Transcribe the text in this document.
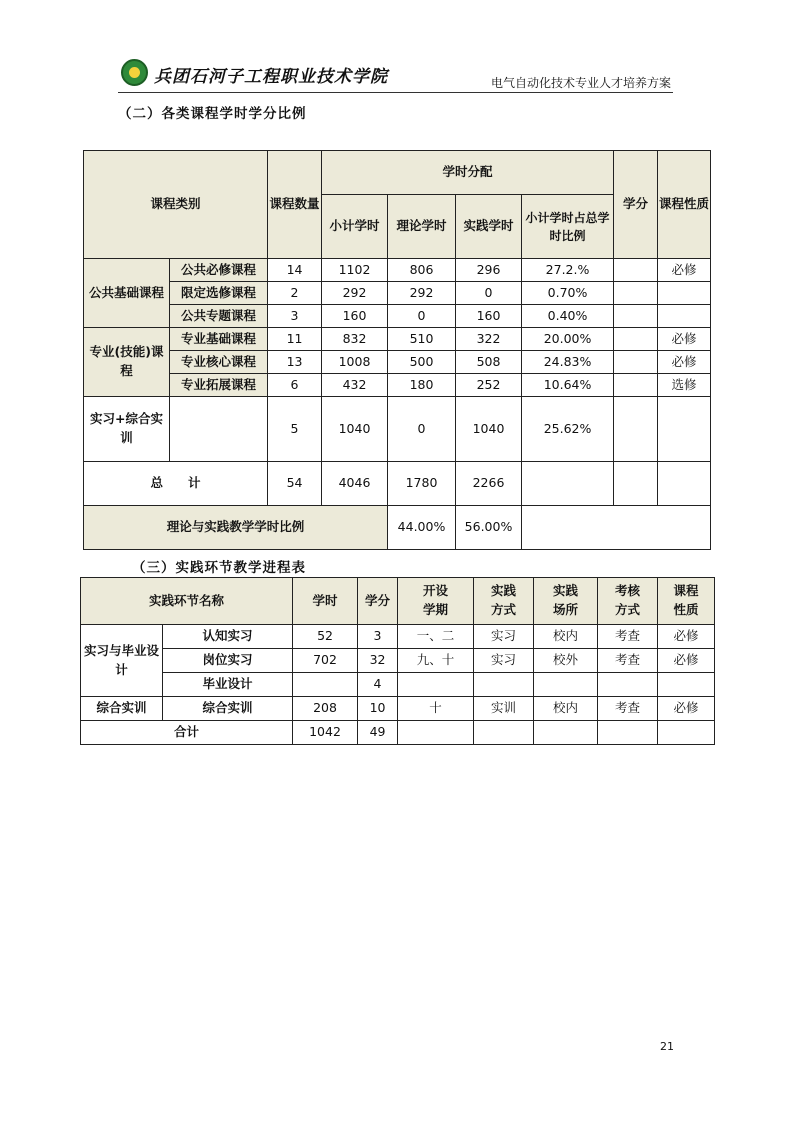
兵团石河子工程职业技术学院	电气自动化技术专业人才培养方案
（二）各类课程学时学分比例
课程类别		课程数量	学时分配				学分	课程性质
			小计学时	理论学时	实践学时	小计学时占总学时比例		
公共基础课程	公共必修课程	14	1102	806	296	27.2.%		必修
	限定选修课程	2	292	292	0	0.70%		
	公共专题课程	3	160	0	160	0.40%		
专业(技能)课程	专业基础课程	11	832	510	322	20.00%		必修
	专业核心课程	13	1008	500	508	24.83%		必修
	专业拓展课程	6	432	180	252	10.64%		选修
实习+综合实训		5	1040	0	1040	25.62%		
总　　计		54	4046	1780	2266			
理论与实践教学学时比例				44.00%	56.00%			
（三）实践环节教学进程表
实践环节名称		学时	学分	开设学期	实践方式	实践场所	考核方式	课程性质
实习与毕业设计	认知实习	52	3	一、二	实习	校内	考查	必修
	岗位实习	702	32	九、十	实习	校外	考查	必修
	毕业设计		4					
综合实训	综合实训	208	10	十	实训	校内	考查	必修
合计		1042	49					
21
